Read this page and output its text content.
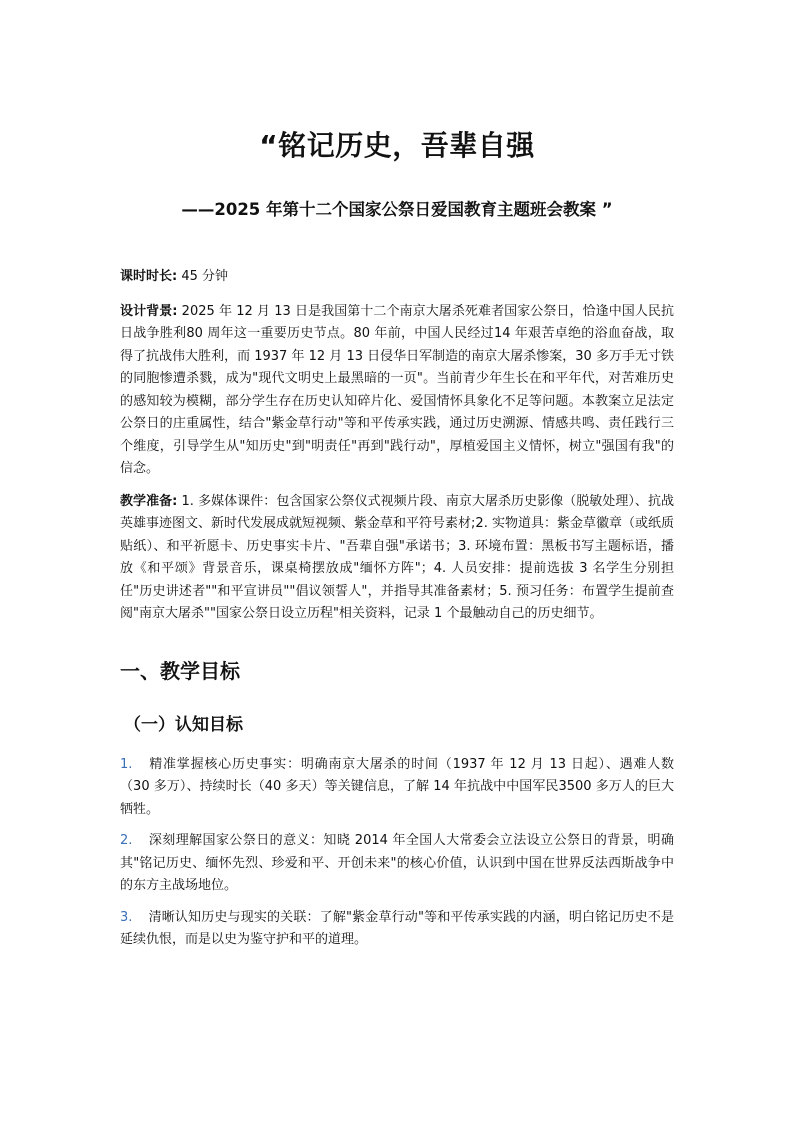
“铭记历史，吾辈自强
——2025 年第十二个国家公祭日爱国教育主题班会教案 ”

课时时长: 45 分钟

设计背景: 2025 年 12 月 13 日是我国第十二个南京大屠杀死难者国家公祭日，恰逢中国人民抗日战争胜利80 周年这一重要历史节点。80 年前，中国人民经过14 年艰苦卓绝的浴血奋战，取得了抗战伟大胜利，而 1937 年 12 月 13 日侵华日军制造的南京大屠杀惨案，30 多万手无寸铁的同胞惨遭杀戮，成为"现代文明史上最黑暗的一页"。当前青少年生长在和平年代，对苦难历史的感知较为模糊，部分学生存在历史认知碎片化、爱国情怀具象化不足等问题。本教案立足法定公祭日的庄重属性，结合"紫金草行动"等和平传承实践，通过历史溯源、情感共鸣、责任践行三个维度，引导学生从"知历史"到"明责任"再到"践行动"，厚植爱国主义情怀，树立"强国有我"的信念。

教学准备: 1. 多媒体课件：包含国家公祭仪式视频片段、南京大屠杀历史影像（脱敏处理）、抗战英雄事迹图文、新时代发展成就短视频、紫金草和平符号素材;2. 实物道具：紫金草徽章（或纸质贴纸）、和平祈愿卡、历史事实卡片、"吾辈自强"承诺书；3. 环境布置：黑板书写主题标语，播放《和平颂》背景音乐，课桌椅摆放成"缅怀方阵"；4. 人员安排：提前选拔 3 名学生分别担任"历史讲述者""和平宣讲员""倡议领誓人"，并指导其准备素材；5. 预习任务：布置学生提前查阅"南京大屠杀""国家公祭日设立历程"相关资料，记录 1 个最触动自己的历史细节。

一、教学目标
（一）认知目标
1. 精准掌握核心历史事实：明确南京大屠杀的时间（1937 年 12 月 13 日起）、遇难人数（30 多万）、持续时长（40 多天）等关键信息，了解 14 年抗战中中国军民3500 多万人的巨大牺牲。
2. 深刻理解国家公祭日的意义：知晓 2014 年全国人大常委会立法设立公祭日的背景，明确其"铭记历史、缅怀先烈、珍爱和平、开创未来"的核心价值，认识到中国在世界反法西斯战争中的东方主战场地位。
3. 清晰认知历史与现实的关联：了解"紫金草行动"等和平传承实践的内涵，明白铭记历史不是延续仇恨，而是以史为鉴守护和平的道理。
